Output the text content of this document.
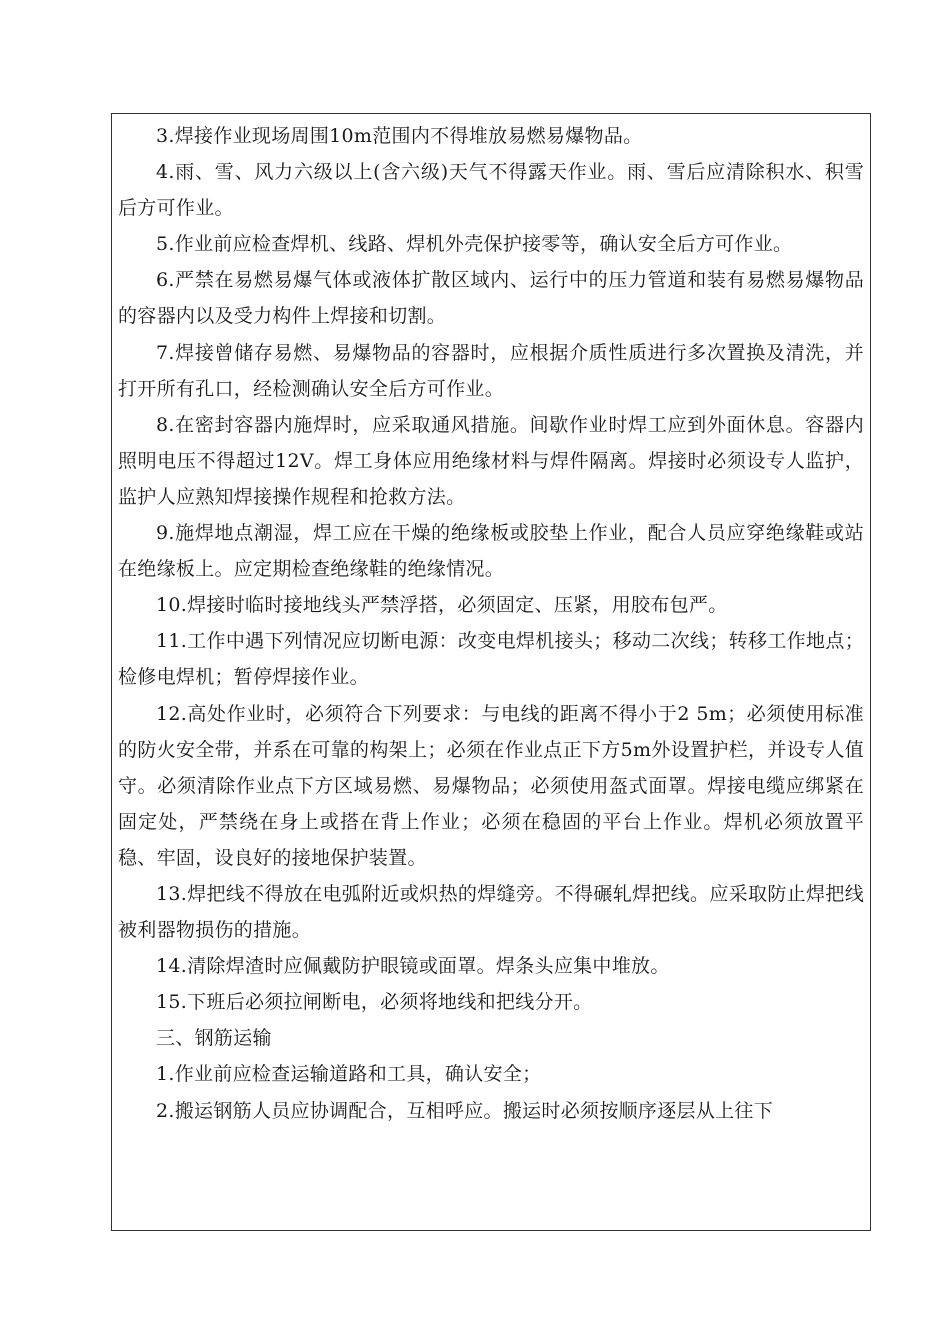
3.焊接作业现场周围10m范围内不得堆放易燃易爆物品。

4.雨、雪、风力六级以上(含六级)天气不得露天作业。雨、雪后应清除积水、积雪后方可作业。

5.作业前应检查焊机、线路、焊机外壳保护接零等，确认安全后方可作业。

6.严禁在易燃易爆气体或液体扩散区域内、运行中的压力管道和装有易燃易爆物品的容器内以及受力构件上焊接和切割。

7.焊接曾储存易燃、易爆物品的容器时，应根据介质性质进行多次置换及清洗，并打开所有孔口，经检测确认安全后方可作业。

8.在密封容器内施焊时，应采取通风措施。间歇作业时焊工应到外面休息。容器内照明电压不得超过12V。焊工身体应用绝缘材料与焊件隔离。焊接时必须设专人监护，监护人应熟知焊接操作规程和抢救方法。

9.施焊地点潮湿，焊工应在干燥的绝缘板或胶垫上作业，配合人员应穿绝缘鞋或站在绝缘板上。应定期检查绝缘鞋的绝缘情况。

10.焊接时临时接地线头严禁浮搭，必须固定、压紧，用胶布包严。

11.工作中遇下列情况应切断电源：改变电焊机接头；移动二次线；转移工作地点；检修电焊机；暂停焊接作业。

12.高处作业时，必须符合下列要求：与电线的距离不得小于2 5m；必须使用标准的防火安全带，并系在可靠的构架上；必须在作业点正下方5m外设置护栏，并设专人值守。必须清除作业点下方区域易燃、易爆物品；必须使用盔式面罩。焊接电缆应绑紧在固定处，严禁绕在身上或搭在背上作业；必须在稳固的平台上作业。焊机必须放置平稳、牢固，设良好的接地保护装置。

13.焊把线不得放在电弧附近或炽热的焊缝旁。不得碾轧焊把线。应采取防止焊把线被利器物损伤的措施。

14.清除焊渣时应佩戴防护眼镜或面罩。焊条头应集中堆放。

15.下班后必须拉闸断电，必须将地线和把线分开。

三、钢筋运输

1.作业前应检查运输道路和工具，确认安全；

2.搬运钢筋人员应协调配合，互相呼应。搬运时必须按顺序逐层从上往下
